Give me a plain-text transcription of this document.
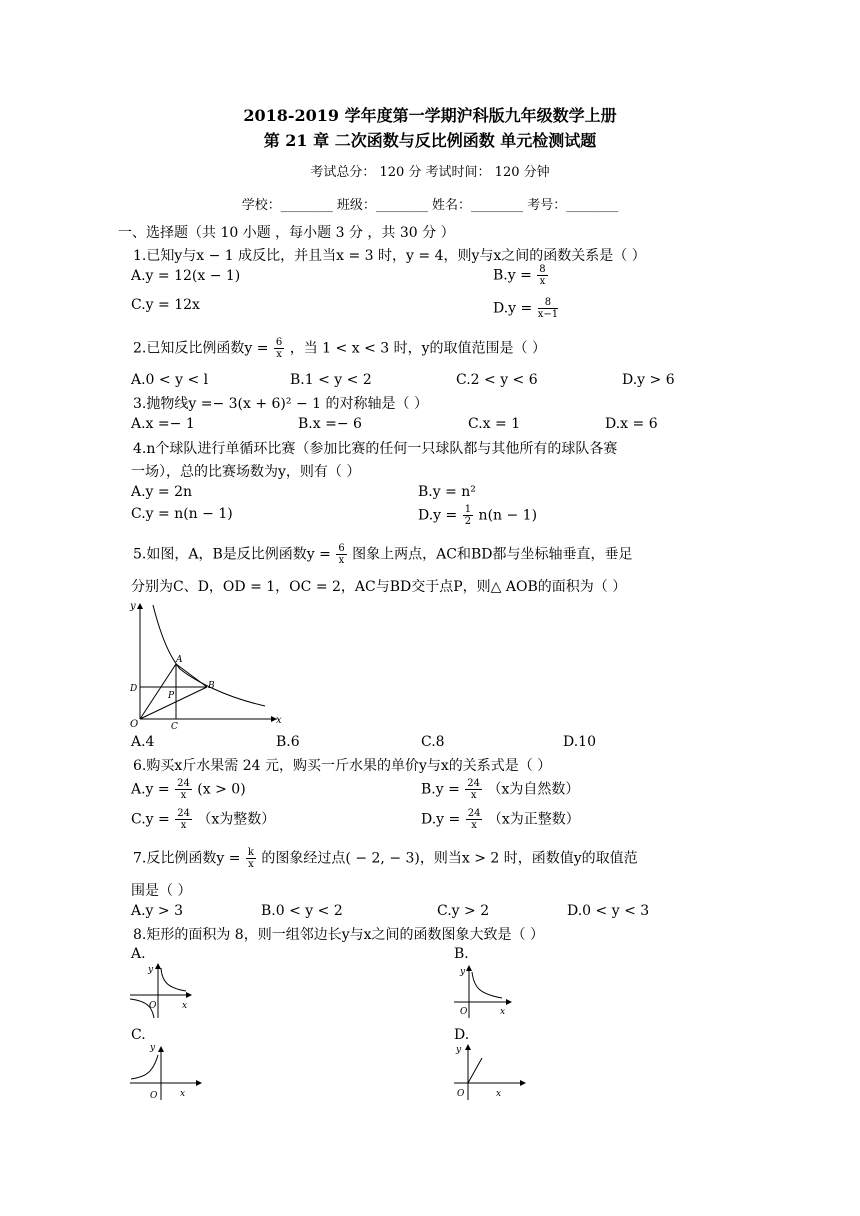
2018-2019 学年度第一学期沪科版九年级数学上册
第 21 章 二次函数与反比例函数 单元检测试题
考试总分： 120 分 考试时间： 120 分钟
学校：________ 班级：________ 姓名：________ 考号：________
一、选择题（共 10 小题 ，每小题 3 分 ，共 30 分 ）
1.已知y与x − 1 成反比，并且当x = 3 时，y = 4，则y与x之间的函数关系是（ ）
A.y = 12(x − 1)	$B.y = \frac{8}{x}$
C.y = 12x	$D.y = \frac{8}{x-1}$
2.已知反比例函数$y = \frac{6}{x}$ ，当 1 < x < 3 时，y的取值范围是（ ）
A.0 < y < l	B.1 < y < 2	C.2 < y < 6	D.y > 6
3.抛物线y =− 3(x + 6)² − 1 的对称轴是（ ）
A.x =− 1	B.x =− 6	C.x = 1	D.x = 6
4.n个球队进行单循环比赛（参加比赛的任何一只球队都与其他所有的球队各赛
一场），总的比赛场数为y，则有（ ）
A.y = 2n	B.y = n²
C.y = n(n − 1)	$D.y = \frac{1}{2} n(n - 1)$
5.如图，A，B是反比例函数$y = \frac{6}{x}$ 图象上两点，AC和BD都与坐标轴垂直，垂足
分别为C、D，OD = 1，OC = 2，AC与BD交于点P，则△ AOB的面积为（ ）
y
x
O
A
B
C
D
P
A.4	B.6	C.8	D.10
6.购买x斤水果需 24 元，购买一斤水果的单价y与x的关系式是（ ）
$A.y = \frac{24}{x} (x > 0)$	$B.y = \frac{24}{x} (x$为自然数）
$C.y = \frac{24}{x} (x$为整数）	$D.y = \frac{24}{x} (x$为正整数）
7.反比例函数$y = \frac{k}{x}$ 的图象经过点( − 2, − 3)，则当x > 2 时，函数值y的取值范
围是（ ）
A.y > 3	B.0 < y < 2	C.y > 2	D.0 < y < 3
8.矩形的面积为 8，则一组邻边长y与x之间的函数图象大致是（ ）
A.
y
x
O
B.
y
x
O
C.
y
x
O
D.
y
x
O
